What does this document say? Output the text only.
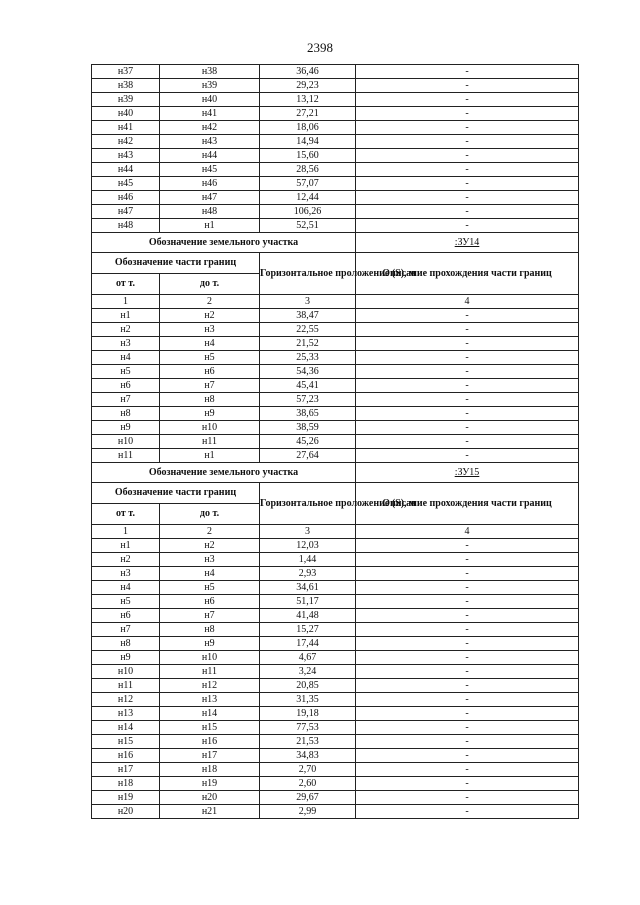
2398
н37	н38	36,46	-
н38	н39	29,23	-
н39	н40	13,12	-
н40	н41	27,21	-
н41	н42	18,06	-
н42	н43	14,94	-
н43	н44	15,60	-
н44	н45	28,56	-
н45	н46	57,07	-
н46	н47	12,44	-
н47	н48	106,26	-
н48	н1	52,51	-
Обозначение земельного участка			:ЗУ14
Обозначение части границ		Горизонтальное проложение (S), м	Описание прохождения части границ
от т.	до т.		
1	2	3	4
н1	н2	38,47	-
н2	н3	22,55	-
н3	н4	21,52	-
н4	н5	25,33	-
н5	н6	54,36	-
н6	н7	45,41	-
н7	н8	57,23	-
н8	н9	38,65	-
н9	н10	38,59	-
н10	н11	45,26	-
н11	н1	27,64	-
Обозначение земельного участка			:ЗУ15
Обозначение части границ		Горизонтальное проложение (S), м	Описание прохождения части границ
от т.	до т.		
1	2	3	4
н1	н2	12,03	-
н2	н3	1,44	-
н3	н4	2,93	-
н4	н5	34,61	-
н5	н6	51,17	-
н6	н7	41,48	-
н7	н8	15,27	-
н8	н9	17,44	-
н9	н10	4,67	-
н10	н11	3,24	-
н11	н12	20,85	-
н12	н13	31,35	-
н13	н14	19,18	-
н14	н15	77,53	-
н15	н16	21,53	-
н16	н17	34,83	-
н17	н18	2,70	-
н18	н19	2,60	-
н19	н20	29,67	-
н20	н21	2,99	-
